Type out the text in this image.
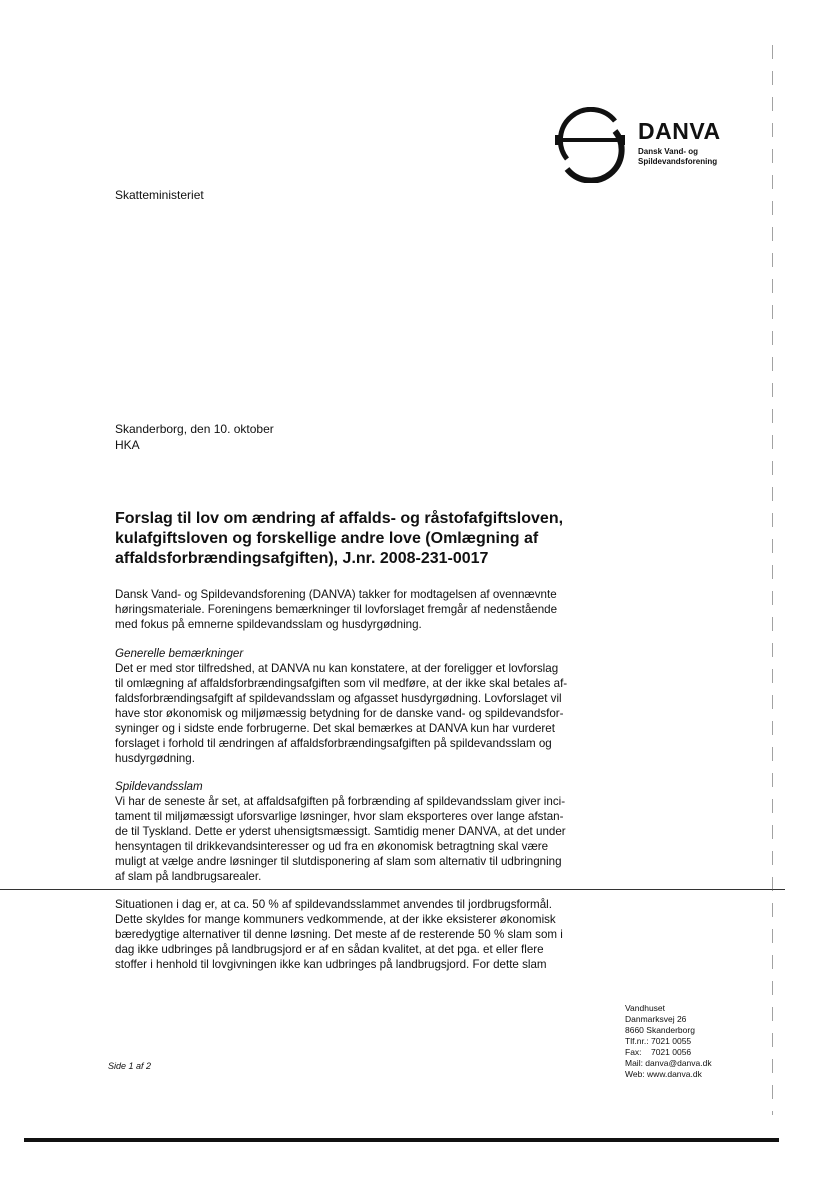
DANVA
Dansk Vand- og
Spildevandsforening
Skatteministeriet
Skanderborg, den 10. oktober
HKA
Forslag til lov om ændring af affalds- og råstofafgiftsloven, kulafgiftsloven og forskellige andre love (Omlægning af affaldsforbrændingsafgiften), J.nr. 2008-231-0017
Dansk Vand- og Spildevandsforening (DANVA) takker for modtagelsen af ovennævnte
høringsmateriale. Foreningens bemærkninger til lovforslaget fremgår af nedenstående
med fokus på emnerne spildevandsslam og husdyrgødning.
Generelle bemærkninger
Det er med stor tilfredshed, at DANVA nu kan konstatere, at der foreligger et lovforslag
til omlægning af affaldsforbrændingsafgiften som vil medføre, at der ikke skal betales af-
faldsforbrændingsafgift af spildevandsslam og afgasset husdyrgødning. Lovforslaget vil
have stor økonomisk og miljømæssig betydning for de danske vand- og spildevandsfor-
syninger og i sidste ende forbrugerne. Det skal bemærkes at DANVA kun har vurderet
forslaget i forhold til ændringen af affaldsforbrændingsafgiften på spildevandsslam og
husdyrgødning.
Spildevandsslam
Vi har de seneste år set, at affaldsafgiften på forbrænding af spildevandsslam giver inci-
tament til miljømæssigt uforsvarlige løsninger, hvor slam eksporteres over lange afstan-
de til Tyskland. Dette er yderst uhensigtsmæssigt. Samtidig mener DANVA, at det under
hensyntagen til drikkevandsinteresser og ud fra en økonomisk betragtning skal være
muligt at vælge andre løsninger til slutdisponering af slam som alternativ til udbringning
af slam på landbrugsarealer.
Situationen i dag er, at ca. 50 % af spildevandsslammet anvendes til jordbrugsformål.
Dette skyldes for mange kommuners vedkommende, at der ikke eksisterer økonomisk
bæredygtige alternativer til denne løsning. Det meste af de resterende 50 % slam som i
dag ikke udbringes på landbrugsjord er af en sådan kvalitet, at det pga. et eller flere
stoffer i henhold til lovgivningen ikke kan udbringes på landbrugsjord. For dette slam
Vandhuset
Danmarksvej 26
8660 Skanderborg
Tlf.nr.: 7021 0055
Fax:    7021 0056
Mail: danva@danva.dk
Web: www.danva.dk
Side 1 af 2
